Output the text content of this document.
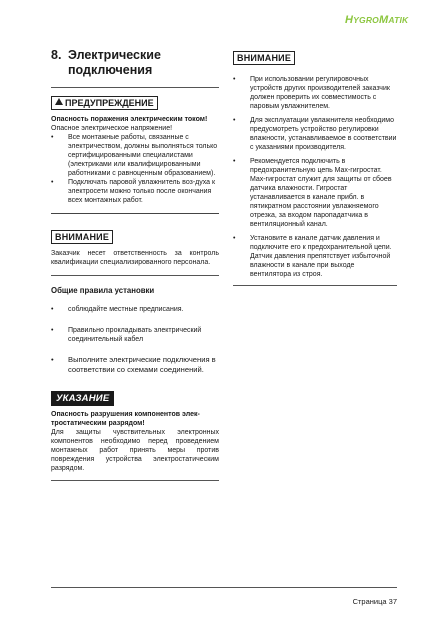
HYGROMATIK
8. Электрические подключения
ПРЕДУПРЕЖДЕНИЕ
Опасность поражения электрическим током!
Опасное электрическое напряжение!
•	Все монтажные работы, связанные с электричеством, должны выполняться только сертифицированными специалистами (электриками или квалифицированными работниками с равноценным образованием).
•	Подключать паровой увлажнитель воз-духа к электросети можно только после окончания всех монтажных работ.
ВНИМАНИЕ
Заказчик несет ответственность за контроль квалификации специализированного персонала.
Общие правила установки
•	соблюдайте местные предписания.
•	Правильно прокладывать электрический соединительный кабел
•	Выполните электрические подключения в соответствии со схемами соединений.
УКАЗАНИЕ
Опасность разрушения компонентов элек-тростатическим разрядом!
Для защиты чувствительных электронных компонентов необходимо перед проведением монтажных работ принять меры против повреждения устройства электростатическим разрядом.
ВНИМАНИЕ
•	При использовании регулировочных устройств других производителей заказчик должен проверить их совместимость с паровым увлажнителем.
•	Для эксплуатации увлажнителя необходимо предусмотреть устройство регулировки влажности, устанавливаемое в соответствии с указаниями производителя.
•	Рекомендуется подключить в предохранительную цепь Max-гигростат. Max-гигростат служит для защиты от сбоев датчика влажности. Гигростат устанавливается в канале прибл. в пятикратном расстоянии увлажняемого отрезка, за входом паропадатчика в вентиляционный канал.
•	Установите в канале датчик давления и подключите его к предохранительной цепи. Датчик давления препятствует избыточной влажности в канале при выходе вентилятора из строя.
Страница 37
